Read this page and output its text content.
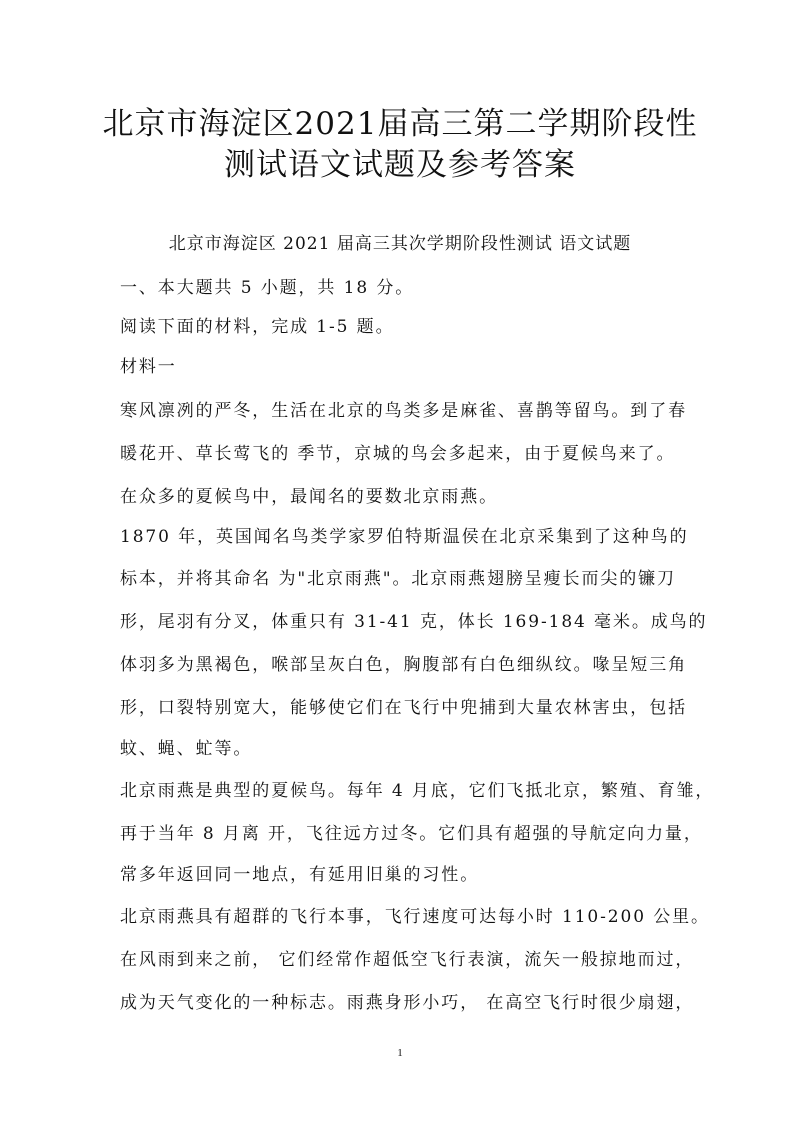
北京市海淀区2021届高三第二学期阶段性
测试语文试题及参考答案
北京市海淀区 2021 届高三其次学期阶段性测试 语文试题
一、本大题共 5 小题，共 18 分。
阅读下面的材料，完成 1-5 题。
材料一
寒风凛冽的严冬，生活在北京的鸟类多是麻雀、喜鹊等留鸟。到了春
暖花开、草长莺飞的 季节，京城的鸟会多起来，由于夏候鸟来了。
在众多的夏候鸟中，最闻名的要数北京雨燕。
1870 年，英国闻名鸟类学家罗伯特斯温侯在北京采集到了这种鸟的
标本，并将其命名 为"北京雨燕"。北京雨燕翅膀呈瘦长而尖的镰刀
形，尾羽有分叉，体重只有 31-41 克，体长 169-184 毫米。成鸟的
体羽多为黑褐色，喉部呈灰白色，胸腹部有白色细纵纹。喙呈短三角
形，口裂特别宽大，能够使它们在飞行中兜捕到大量农林害虫，包括
蚊、蝇、虻等。
北京雨燕是典型的夏候鸟。每年 4 月底，它们飞抵北京，繁殖、育雏，
再于当年 8 月离 开，飞往远方过冬。它们具有超强的导航定向力量，
常多年返回同一地点，有延用旧巢的习性。
北京雨燕具有超群的飞行本事，飞行速度可达每小时 110-200 公里。
在风雨到来之前， 它们经常作超低空飞行表演，流矢一般掠地而过，
成为天气变化的一种标志。雨燕身形小巧， 在高空飞行时很少扇翅，
1
